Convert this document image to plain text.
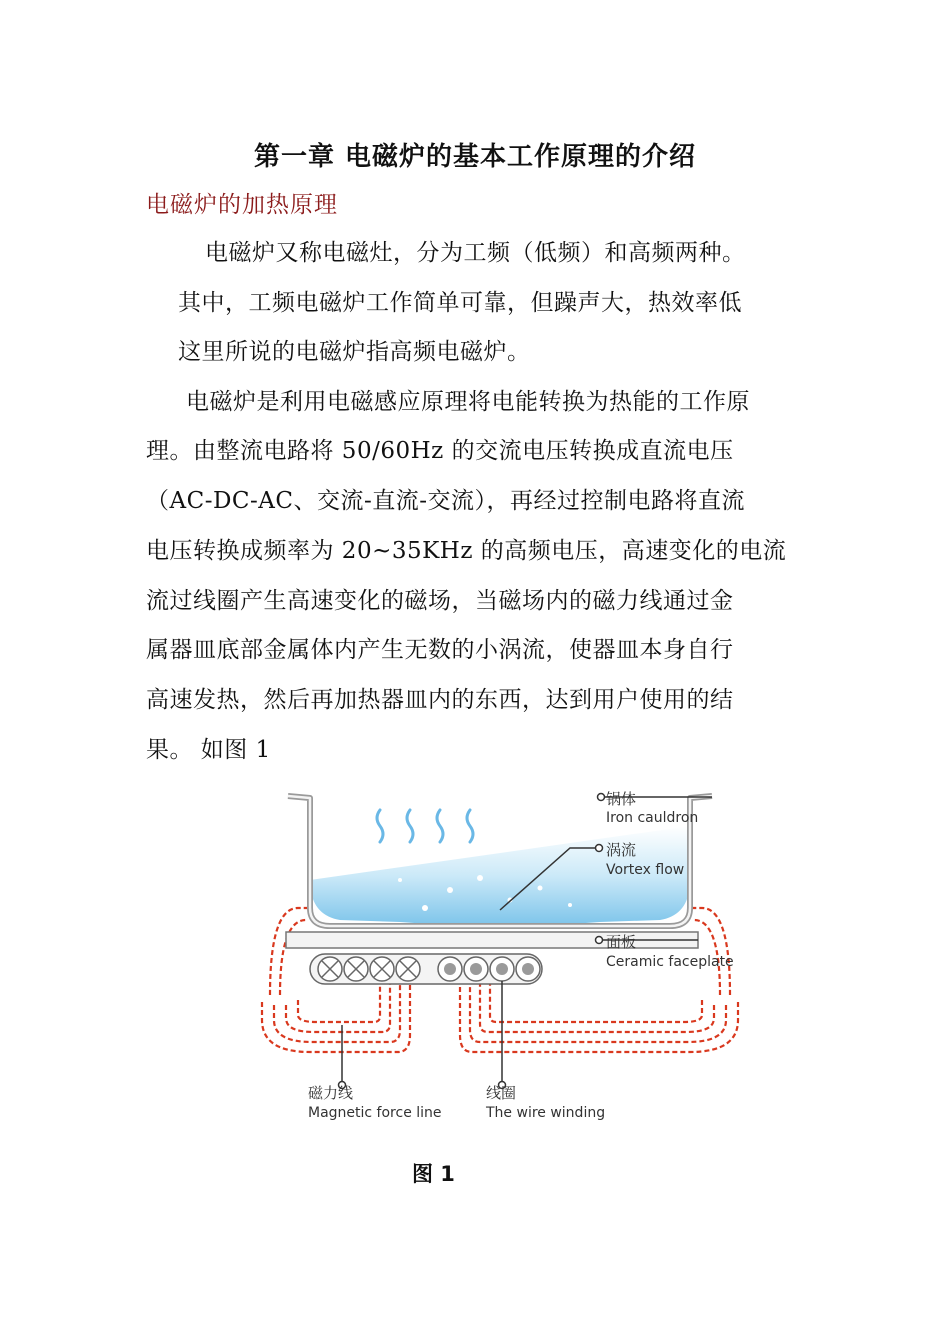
第一章 电磁炉的基本工作原理的介绍
电磁炉的加热原理
电磁炉又称电磁灶，分为工频（低频）和高频两种。
其中，工频电磁炉工作简单可靠，但躁声大，热效率低
这里所说的电磁炉指高频电磁炉。
电磁炉是利用电磁感应原理将电能转换为热能的工作原
理。由整流电路将 50/60Hz 的交流电压转换成直流电压
（AC-DC-AC、交流-直流-交流），再经过控制电路将直流
电压转换成频率为 20~35KHz 的高频电压，高速变化的电流
流过线圈产生高速变化的磁场，当磁场内的磁力线通过金
属器皿底部金属体内产生无数的小涡流，使器皿本身自行
高速发热，然后再加热器皿内的东西，达到用户使用的结
果。 如图 1
锅体
Iron cauldron
涡流
Vortex flow
面板
Ceramic faceplate
磁力线
Magnetic force line
线圈
The wire winding
图 1
